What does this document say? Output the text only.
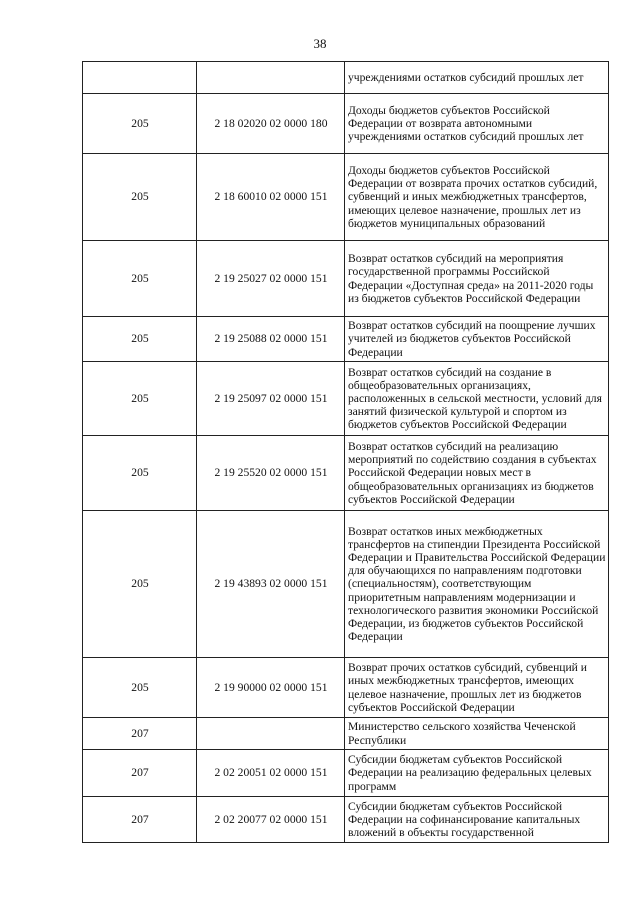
38
		учреждениями остатков субсидий прошлых лет
205	2 18 02020 02 0000 180	Доходы бюджетов субъектов Российской Федерации от возврата автономными учреждениями остатков субсидий прошлых лет
205	2 18 60010 02 0000 151	Доходы бюджетов субъектов Российской Федерации от возврата прочих остатков субсидий, субвенций и иных межбюджетных трансфертов, имеющих целевое назначение, прошлых лет из бюджетов муниципальных образований
205	2 19 25027 02 0000 151	Возврат остатков субсидий на мероприятия государственной программы Российской Федерации «Доступная среда» на 2011-2020 годы из бюджетов субъектов Российской Федерации
205	2 19 25088 02 0000 151	Возврат остатков субсидий на поощрение лучших учителей из бюджетов субъектов Российской Федерации
205	2 19 25097 02 0000 151	Возврат остатков субсидий на создание в общеобразовательных организациях, расположенных в сельской местности, условий для занятий физической культурой и спортом из бюджетов субъектов Российской Федерации
205	2 19 25520 02 0000 151	Возврат остатков субсидий на реализацию мероприятий по содействию создания в субъектах Российской Федерации новых мест в общеобразовательных организациях из бюджетов субъектов Российской Федерации
205	2 19 43893 02 0000 151	Возврат остатков иных межбюджетных трансфертов на стипендии Президента Российской Федерации и Правительства Российской Федерации для обучающихся по направлениям подготовки (специальностям), соответствующим приоритетным направлениям модернизации и технологического развития экономики Российской Федерации, из бюджетов субъектов Российской Федерации
205	2 19 90000 02 0000 151	Возврат прочих остатков субсидий, субвенций и иных межбюджетных трансфертов, имеющих целевое назначение, прошлых лет из бюджетов субъектов Российской Федерации
207		Министерство сельского хозяйства Чеченской Республики
207	2 02 20051 02 0000 151	Субсидии бюджетам субъектов Российской Федерации на реализацию федеральных целевых программ
207	2 02 20077 02 0000 151	Субсидии бюджетам субъектов Российской Федерации на софинансирование капитальных вложений в объекты государственной
